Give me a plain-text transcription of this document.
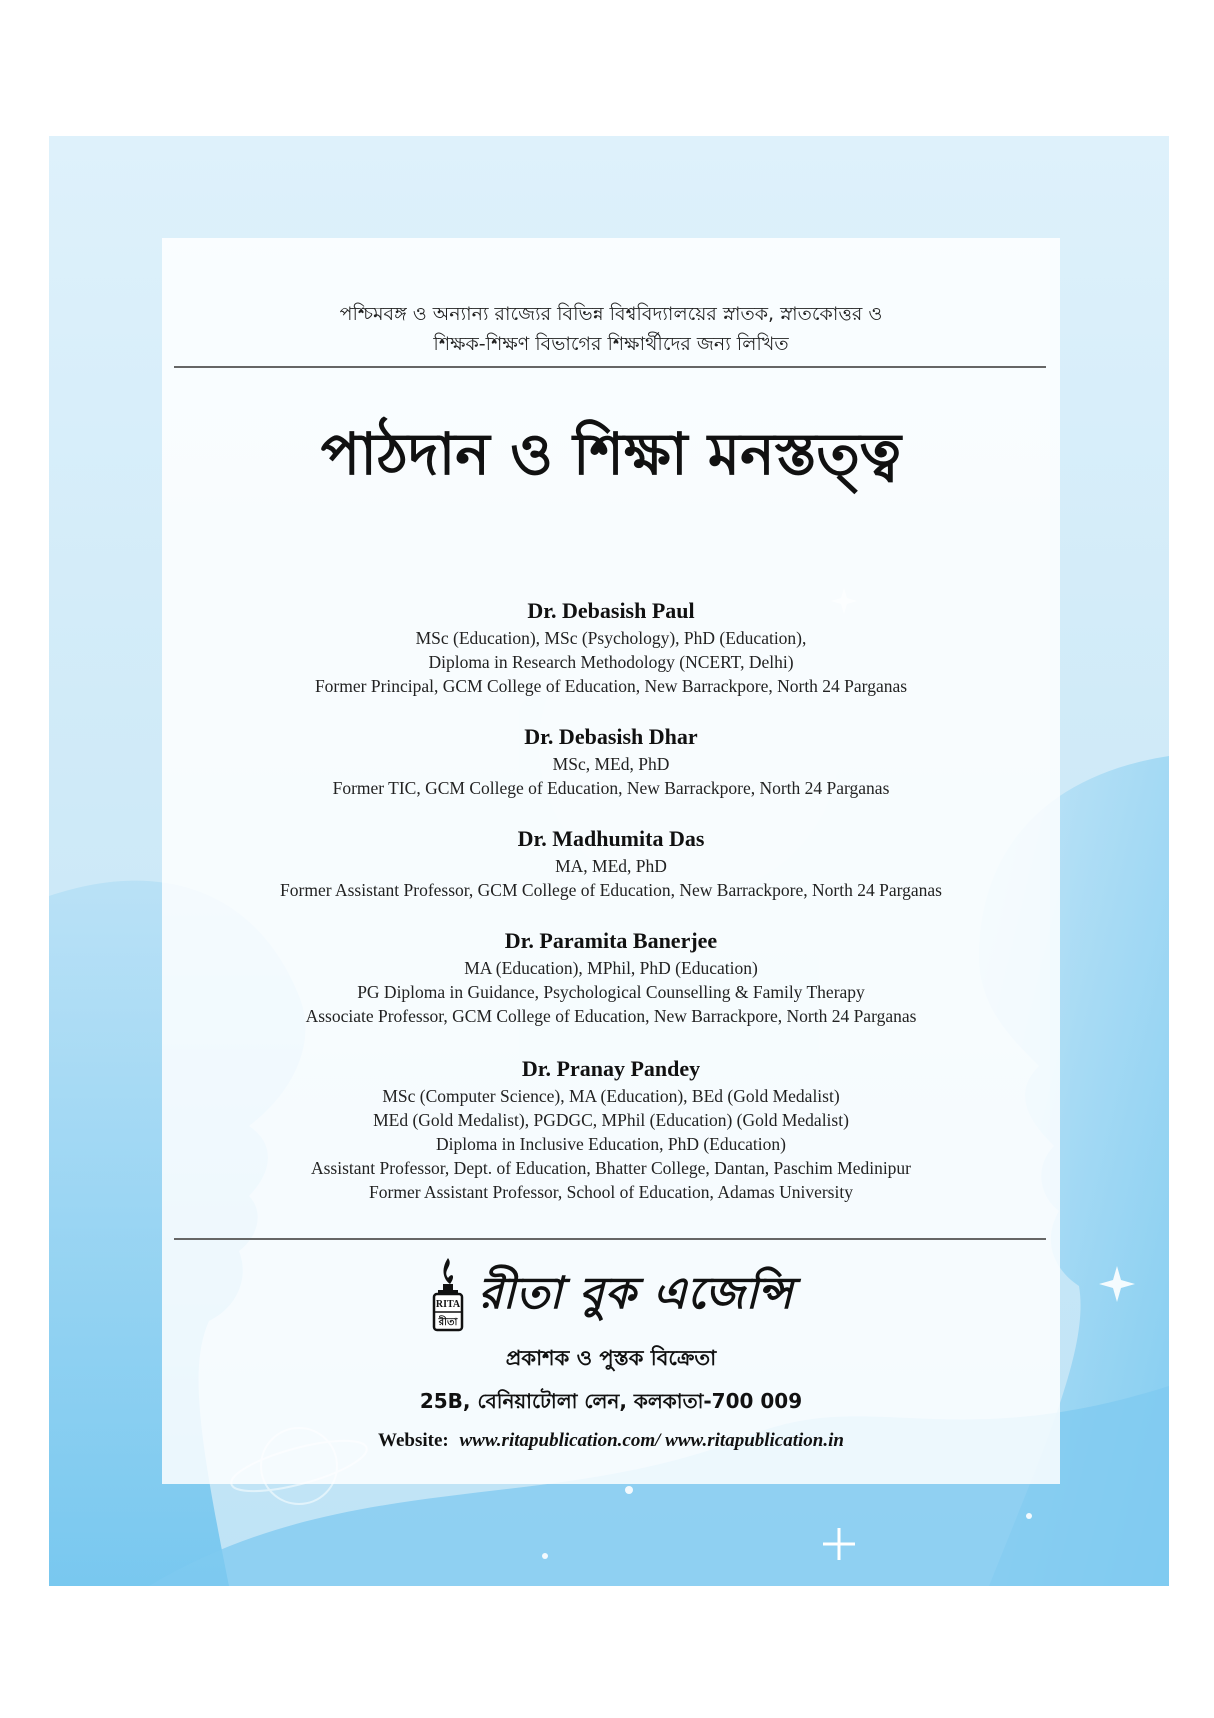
পশ্চিমবঙ্গ ও অন্যান্য রাজ্যের বিভিন্ন বিশ্ববিদ্যালয়ের স্নাতক, স্নাতকোত্তর ও
শিক্ষক-শিক্ষণ বিভাগের শিক্ষার্থীদের জন্য লিখিত
পাঠদান ও শিক্ষা মনস্তত্ত্ব
Dr. Debasish Paul
MSc (Education), MSc (Psychology), PhD (Education),
Diploma in Research Methodology (NCERT, Delhi)
Former Principal, GCM College of Education, New Barrackpore, North 24 Parganas
Dr. Debasish Dhar
MSc, MEd, PhD
Former TIC, GCM College of Education, New Barrackpore, North 24 Parganas
Dr. Madhumita Das
MA, MEd, PhD
Former Assistant Professor, GCM College of Education, New Barrackpore, North 24 Parganas
Dr. Paramita Banerjee
MA (Education), MPhil, PhD (Education)
PG Diploma in Guidance, Psychological Counselling & Family Therapy
Associate Professor, GCM College of Education, New Barrackpore, North 24 Parganas
Dr. Pranay Pandey
MSc (Computer Science), MA (Education), BEd (Gold Medalist)
MEd (Gold Medalist), PGDGC, MPhil (Education) (Gold Medalist)
Diploma in Inclusive Education, PhD (Education)
Assistant Professor, Dept. of Education, Bhatter College, Dantan, Paschim Medinipur
Former Assistant Professor, School of Education, Adamas University
RITA
রীতা
রীতা বুক এজেন্সি
প্রকাশক ও পুস্তক বিক্রেতা
25B, বেনিয়াটোলা লেন, কলকাতা-700 009
Website: www.ritapublication.com/ www.ritapublication.in
